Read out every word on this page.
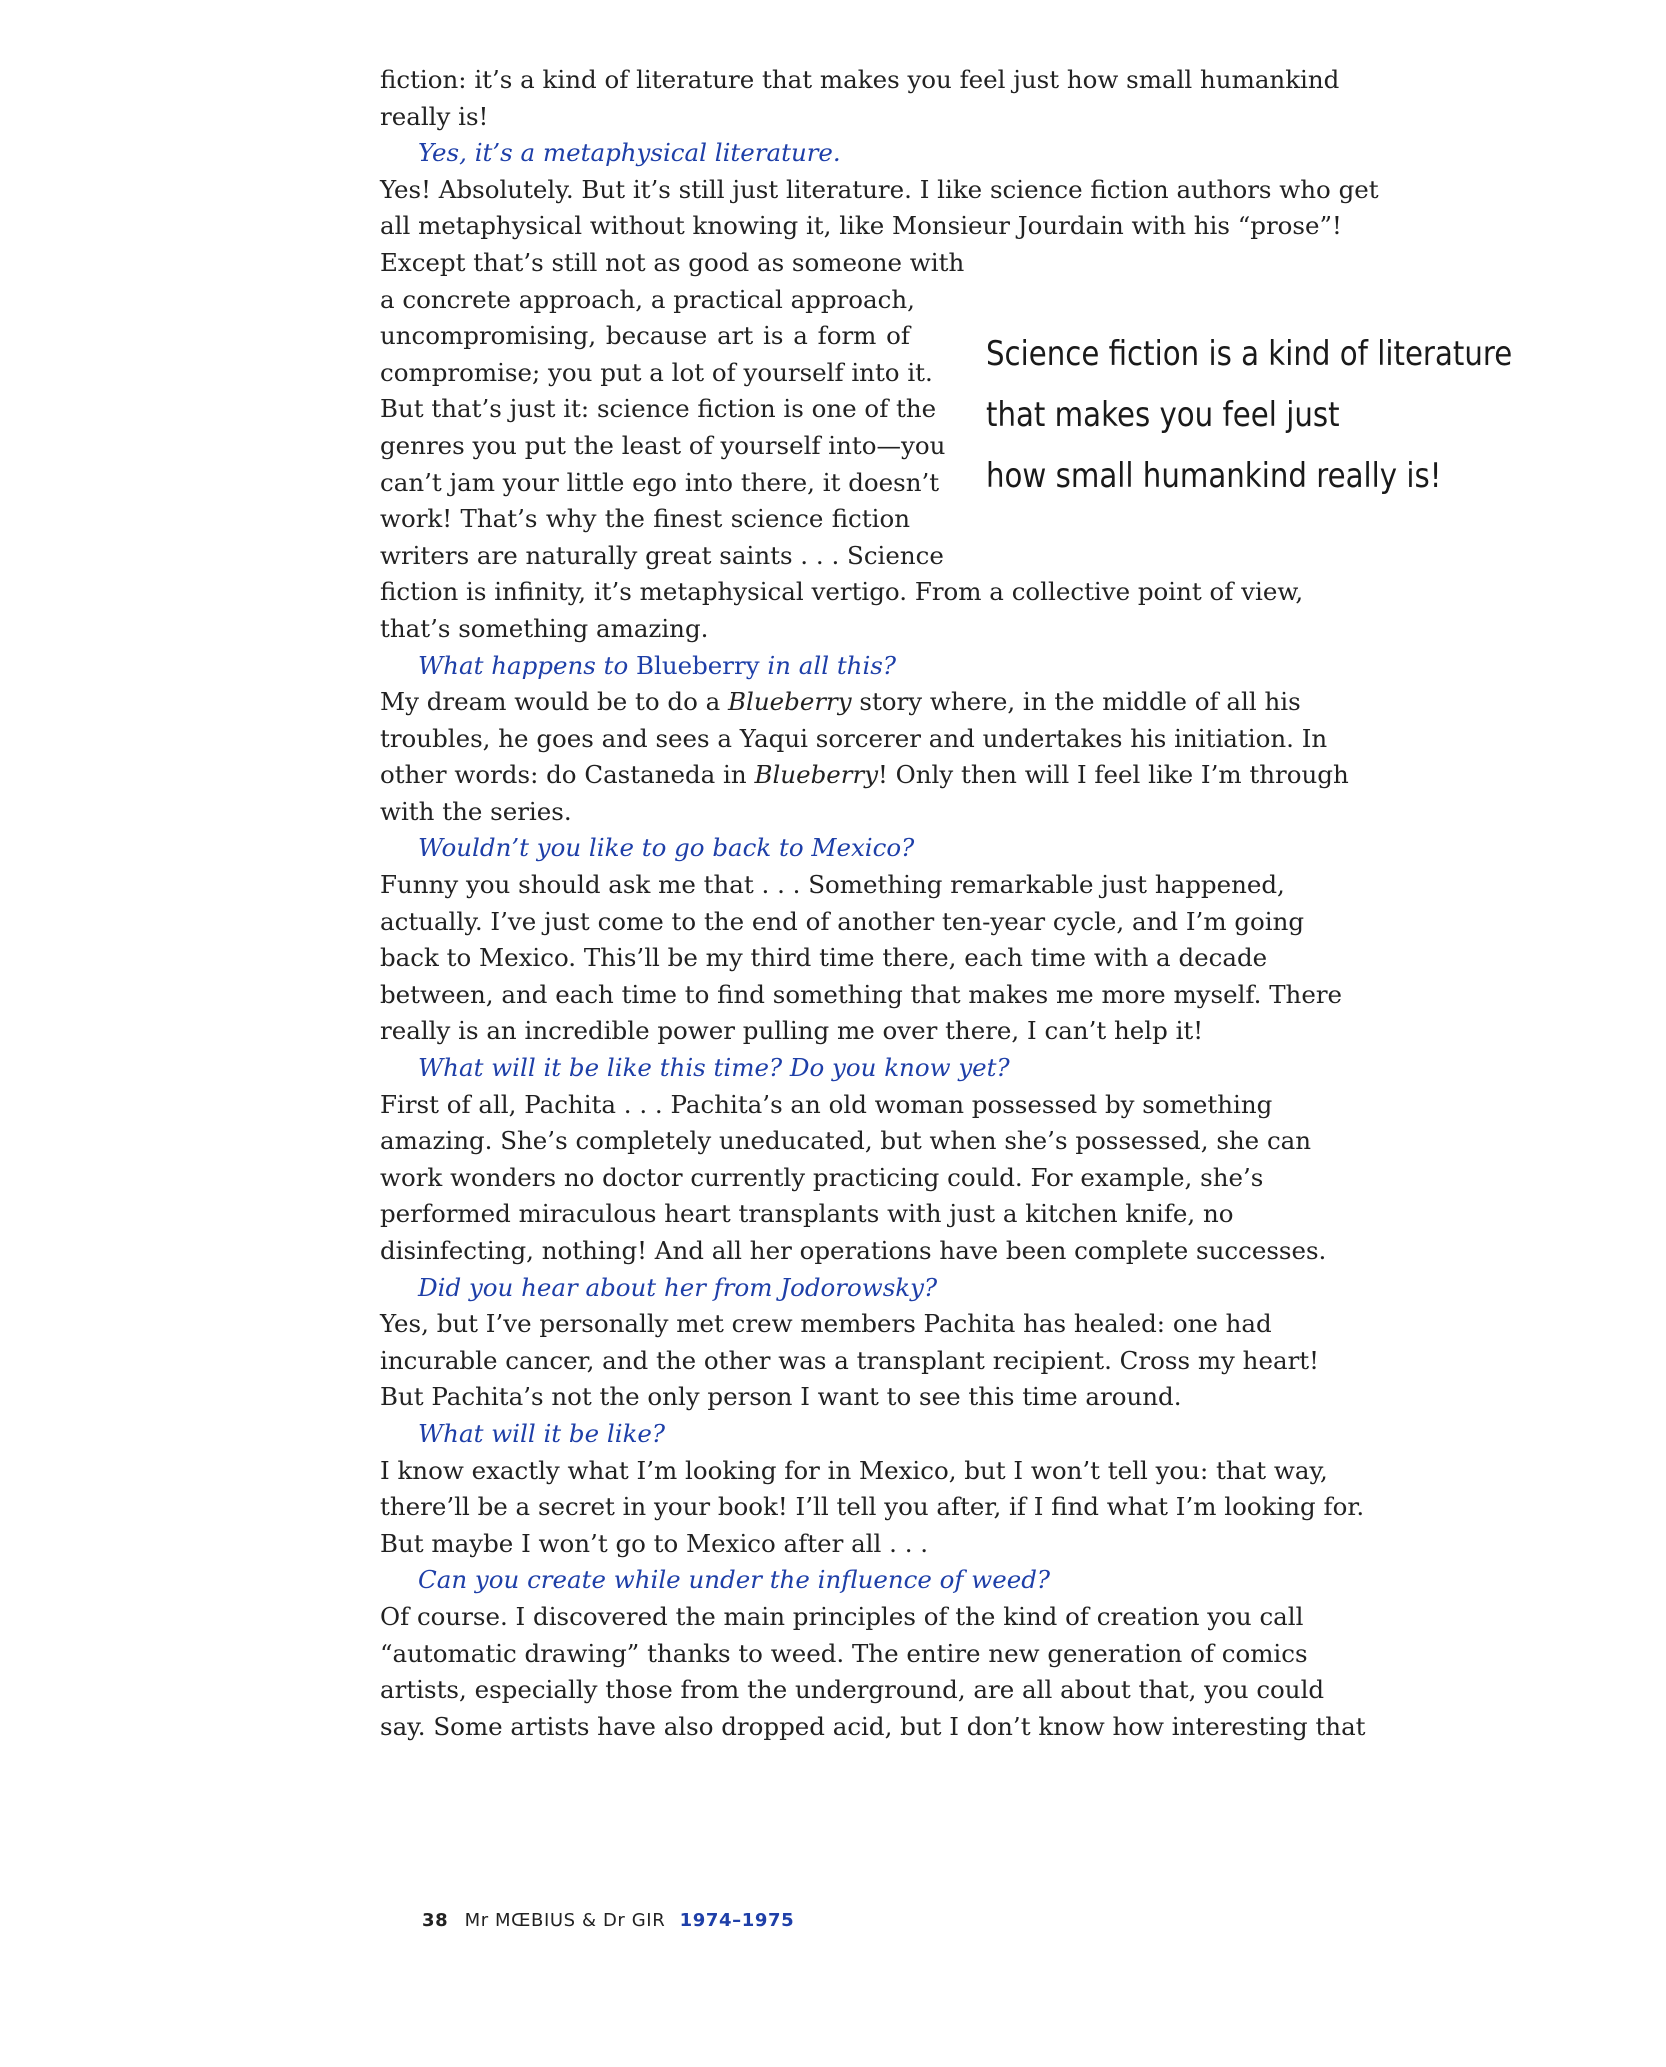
fiction: it’s a kind of literature that makes you feel just how small humankind
really is!
Yes, it’s a metaphysical literature.
Yes! Absolutely. But it’s still just literature. I like science fiction authors who get
all metaphysical without knowing it, like Monsieur Jourdain with his “prose”!
Except that’s still not as good as someone with
a concrete approach, a practical approach,
uncompromising, because art is a form of
compromise; you put a lot of yourself into it.
But that’s just it: science fiction is one of the
genres you put the least of yourself into—you
can’t jam your little ego into there, it doesn’t
work! That’s why the finest science fiction
writers are naturally great saints . . . Science
fiction is infinity, it’s metaphysical vertigo. From a collective point of view,
that’s something amazing.
What happens to Blueberry in all this?
My dream would be to do a Blueberry story where, in the middle of all his
troubles, he goes and sees a Yaqui sorcerer and undertakes his initiation. In
other words: do Castaneda in Blueberry! Only then will I feel like I’m through
with the series.
Wouldn’t you like to go back to Mexico?
Funny you should ask me that . . . Something remarkable just happened,
actually. I’ve just come to the end of another ten-year cycle, and I’m going
back to Mexico. This’ll be my third time there, each time with a decade
between, and each time to find something that makes me more myself. There
really is an incredible power pulling me over there, I can’t help it!
What will it be like this time? Do you know yet?
First of all, Pachita . . . Pachita’s an old woman possessed by something
amazing. She’s completely uneducated, but when she’s possessed, she can
work wonders no doctor currently practicing could. For example, she’s
performed miraculous heart transplants with just a kitchen knife, no
disinfecting, nothing! And all her operations have been complete successes.
Did you hear about her from Jodorowsky?
Yes, but I’ve personally met crew members Pachita has healed: one had
incurable cancer, and the other was a transplant recipient. Cross my heart!
But Pachita’s not the only person I want to see this time around.
What will it be like?
I know exactly what I’m looking for in Mexico, but I won’t tell you: that way,
there’ll be a secret in your book! I’ll tell you after, if I find what I’m looking for.
But maybe I won’t go to Mexico after all . . .
Can you create while under the influence of weed?
Of course. I discovered the main principles of the kind of creation you call
“automatic drawing” thanks to weed. The entire new generation of comics
artists, especially those from the underground, are all about that, you could
say. Some artists have also dropped acid, but I don’t know how interesting that
Science fiction is a kind of literature
that makes you feel just
how small humankind really is!
38 Mr MŒBIUS & Dr GIR 1974–1975
